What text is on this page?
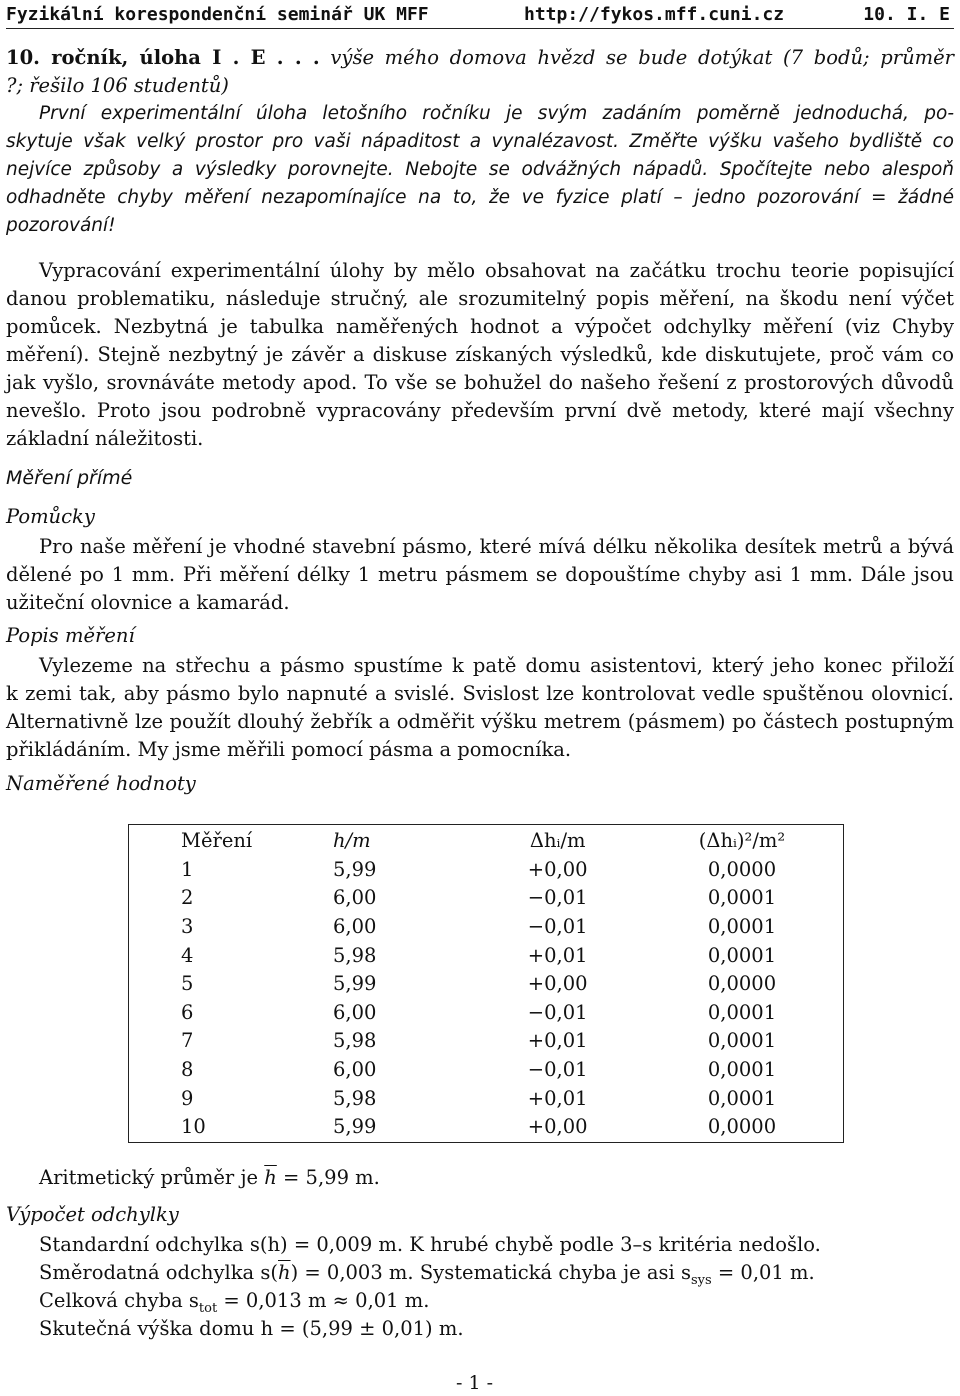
Fyzikální korespondenční seminář UK MFF	http://fykos.mff.cuni.cz	10. I. E
10. ročník, úloha I . E . . . výše mého domova hvězd se bude dotýkat (7 bodů; průměr
?; řešilo 106 studentů)
První experimentální úloha letošního ročníku je svým zadáním poměrně jednoduchá, po-
skytuje však velký prostor pro vaši nápaditost a vynalézavost. Změřte výšku vašeho bydliště co
nejvíce způsoby a výsledky porovnejte. Nebojte se odvážných nápadů. Spočítejte nebo alespoň
odhadněte chyby měření nezapomínajíce na to, že ve fyzice platí – jedno pozorování = žádné
pozorování!
Vypracování experimentální úlohy by mělo obsahovat na začátku trochu teorie popisující
danou problematiku, následuje stručný, ale srozumitelný popis měření, na škodu není výčet
pomůcek. Nezbytná je tabulka naměřených hodnot a výpočet odchylky měření (viz Chyby
měření). Stejně nezbytný je závěr a diskuse získaných výsledků, kde diskutujete, proč vám co
jak vyšlo, srovnáváte metody apod. To vše se bohužel do našeho řešení z prostorových důvodů
nevešlo. Proto jsou podrobně vypracovány především první dvě metody, které mají všechny
základní náležitosti.
Měření přímé
Pomůcky
Pro naše měření je vhodné stavební pásmo, které mívá délku několika desítek metrů a bývá
dělené po 1 mm. Při měření délky 1 metru pásmem se dopouštíme chyby asi 1 mm. Dále jsou
užiteční olovnice a kamarád.
Popis měření
Vylezeme na střechu a pásmo spustíme k patě domu asistentovi, který jeho konec přiloží
k zemi tak, aby pásmo bylo napnuté a svislé. Svislost lze kontrolovat vedle spuštěnou olovnicí.
Alternativně lze použít dlouhý žebřík a odměřit výšku metrem (pásmem) po částech postupným
přikládáním. My jsme měřili pomocí pásma a pomocníka.
Naměřené hodnoty
Měření	h/m	Δhᵢ/m	(Δhᵢ)²/m²
1	5,99	+0,00	0,0000
2	6,00	−0,01	0,0001
3	6,00	−0,01	0,0001
4	5,98	+0,01	0,0001
5	5,99	+0,00	0,0000
6	6,00	−0,01	0,0001
7	5,98	+0,01	0,0001
8	6,00	−0,01	0,0001
9	5,98	+0,01	0,0001
10	5,99	+0,00	0,0000
Aritmetický průměr je $\overline{h} = 5,99$ m.
Výpočet odchylky
Standardní odchylka s(h) = 0,009 m. K hrubé chybě podle 3–s kritéria nedošlo.
Směrodatná odchylka $s(\overline{h}) = 0,003$ m. Systematická chyba je asi $s_{sys} = 0,01$ m.
Celková chyba $s_{tot} = 0,013$ m ≈ 0,01 m.
Skutečná výška domu h = (5,99 ± 0,01) m.
- 1 -
